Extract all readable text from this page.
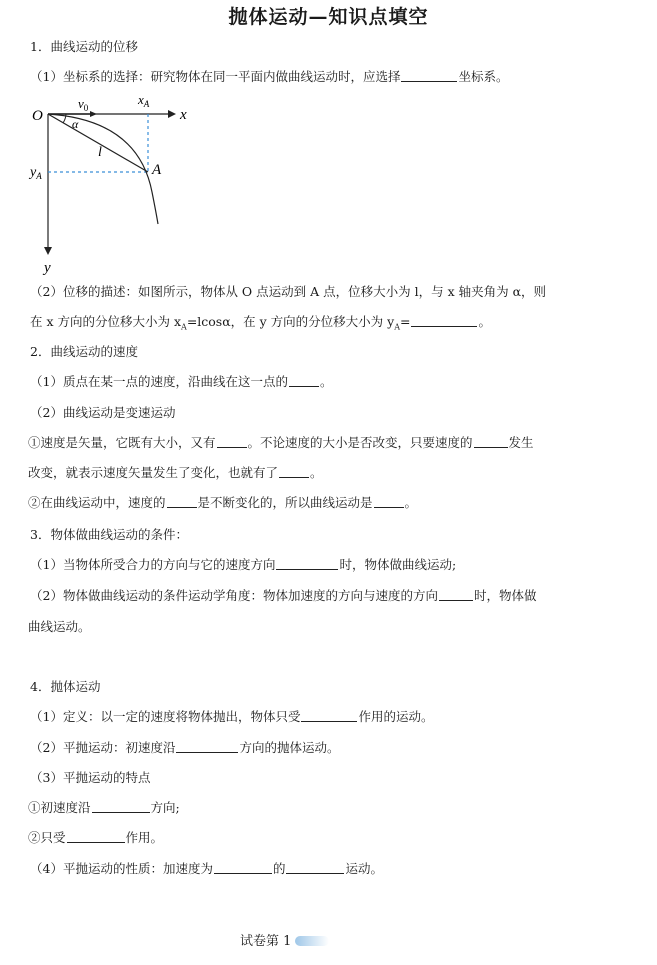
抛体运动—知识点填空
1．曲线运动的位移
（1）坐标系的选择：研究物体在同一平面内做曲线运动时，应选择	坐标系。
O
$v_0$
$x_A$
x
α
l
A
$y_A$
y
（2）位移的描述：如图所示，物体从 O 点运动到 A 点，位移大小为 l，与 x 轴夹角为 α，则
在 x 方向的分位移大小为 $x_A=lcos\alpha$，在 y 方向的分位移大小为 $y_A=$	。
2．曲线运动的速度
（1）质点在某一点的速度，沿曲线在这一点的	。
（2）曲线运动是变速运动
①速度是矢量，它既有大小，又有	。不论速度的大小是否改变，只要速度的	发生
改变，就表示速度矢量发生了变化，也就有了	。
②在曲线运动中，速度的	是不断变化的，所以曲线运动是	。
3．物体做曲线运动的条件：
（1）当物体所受合力的方向与它的速度方向	时，物体做曲线运动;
（2）物体做曲线运动的条件运动学角度：物体加速度的方向与速度的方向	时，物体做
曲线运动。
4．抛体运动
（1）定义：以一定的速度将物体抛出，物体只受	作用的运动。
（2）平抛运动：初速度沿	方向的抛体运动。
（3）平抛运动的特点
①初速度沿	方向;
②只受	作用。
（4）平抛运动的性质：加速度为	的	运动。
试卷第 1
